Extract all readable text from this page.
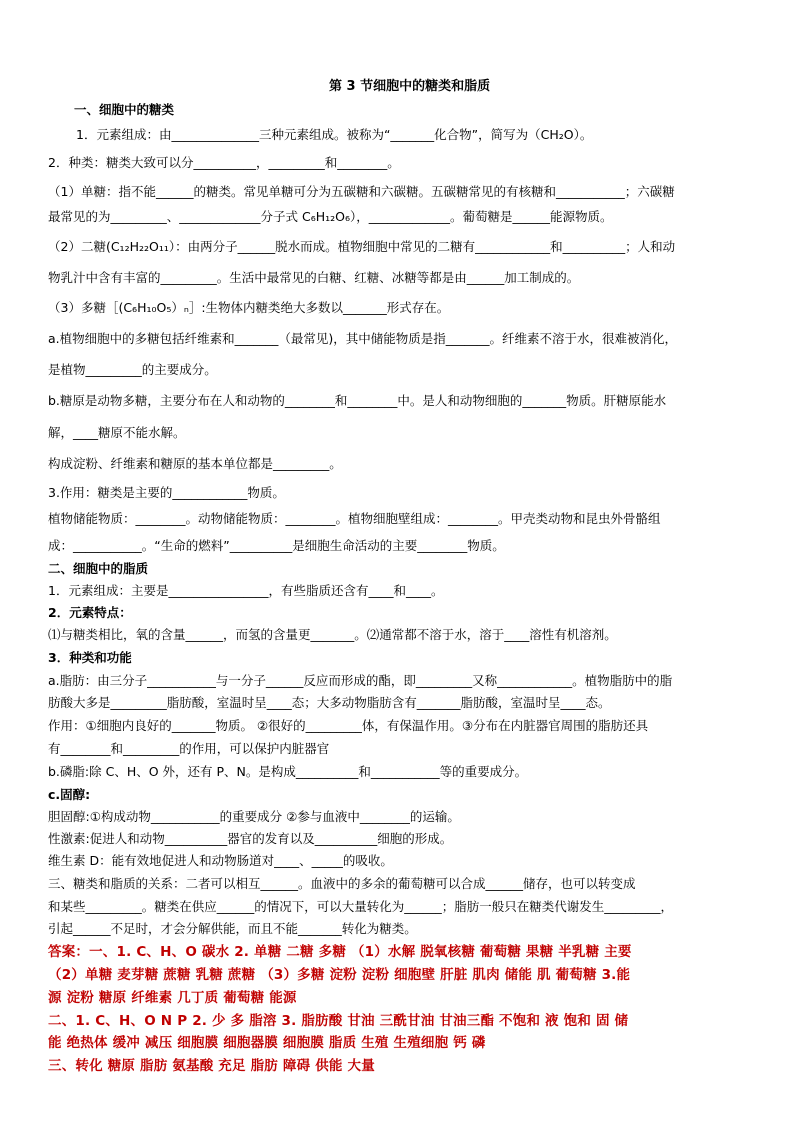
第 3 节细胞中的糖类和脂质
一、细胞中的糖类
1．元素组成：由______________三种元素组成。被称为“_______化合物”，简写为（CH₂O）。
2．种类：糖类大致可以分__________，_________和________。
（1）单糖：指不能______的糖类。常见单糖可分为五碳糖和六碳糖。五碳糖常见的有核糖和___________；六碳糖
最常见的为_________、_____________分子式 C₆H₁₂O₆），_____________。葡萄糖是______能源物质。
（2）二糖(C₁₂H₂₂O₁₁）：由两分子______脱水而成。植物细胞中常见的二糖有____________和__________；人和动
物乳汁中含有丰富的_________。生活中最常见的白糖、红糖、冰糖等都是由______加工制成的。
（3）多糖［(C₆H₁₀O₅）ₙ］:生物体内糖类绝大多数以_______形式存在。
a.植物细胞中的多糖包括纤维素和_______（最常见)，其中储能物质是指_______。纤维素不溶于水，很难被消化，
是植物_________的主要成分。
b.糖原是动物多糖，主要分布在人和动物的________和________中。是人和动物细胞的_______物质。肝糖原能水
解，____糖原不能水解。
构成淀粉、纤维素和糖原的基本单位都是_________。
3.作用：糖类是主要的____________物质。
植物储能物质：________。动物储能物质：________。植物细胞壁组成：________。甲壳类动物和昆虫外骨骼组
成：___________。“生命的燃料”__________是细胞生命活动的主要________物质。
二、细胞中的脂质
1．元素组成：主要是________________，有些脂质还含有____和____。
2．元素特点：
⑴与糖类相比，氧的含量______，而氢的含量更_______。⑵通常都不溶于水，溶于____溶性有机溶剂。
3．种类和功能
a.脂肪：由三分子___________与一分子______反应而形成的酯，即_________又称____________。植物脂肪中的脂
肪酸大多是_________脂肪酸，室温时呈____态；大多动物脂肪含有_______脂肪酸，室温时呈____态。
作用：①细胞内良好的_______物质。 ②很好的_________体，有保温作用。③分布在内脏器官周围的脂肪还具
有________和_________的作用，可以保护内脏器官
b.磷脂:除 C、H、O 外，还有 P、N。是构成__________和___________等的重要成分。
c.固醇:
胆固醇:①构成动物___________的重要成分 ②参与血液中________的运输。
性激素:促进人和动物__________器官的发育以及__________细胞的形成。
维生素 D：能有效地促进人和动物肠道对____、_____的吸收。
三、糖类和脂质的关系：二者可以相互______。血液中的多余的葡萄糖可以合成______储存，也可以转变成
和某些_________。糖类在供应______的情况下，可以大量转化为______；脂肪一般只在糖类代谢发生_________，
引起______不足时，才会分解供能，而且不能_______转化为糖类。
答案：一、1. C、H、O 碳水 2. 单糖 二糖 多糖 （1）水解 脱氧核糖 葡萄糖 果糖 半乳糖 主要
（2）单糖 麦芽糖 蔗糖 乳糖 蔗糖 （3）多糖 淀粉 淀粉 细胞壁 肝脏 肌肉 储能 肌 葡萄糖 3.能
源 淀粉 糖原 纤维素 几丁质 葡萄糖 能源
二、1. C、H、O N P 2. 少 多 脂溶 3. 脂肪酸 甘油 三酰甘油 甘油三酯 不饱和 液 饱和 固 储
能 绝热体 缓冲 减压 细胞膜 细胞器膜 细胞膜 脂质 生殖 生殖细胞 钙 磷
三、转化 糖原 脂肪 氨基酸 充足 脂肪 障碍 供能 大量
